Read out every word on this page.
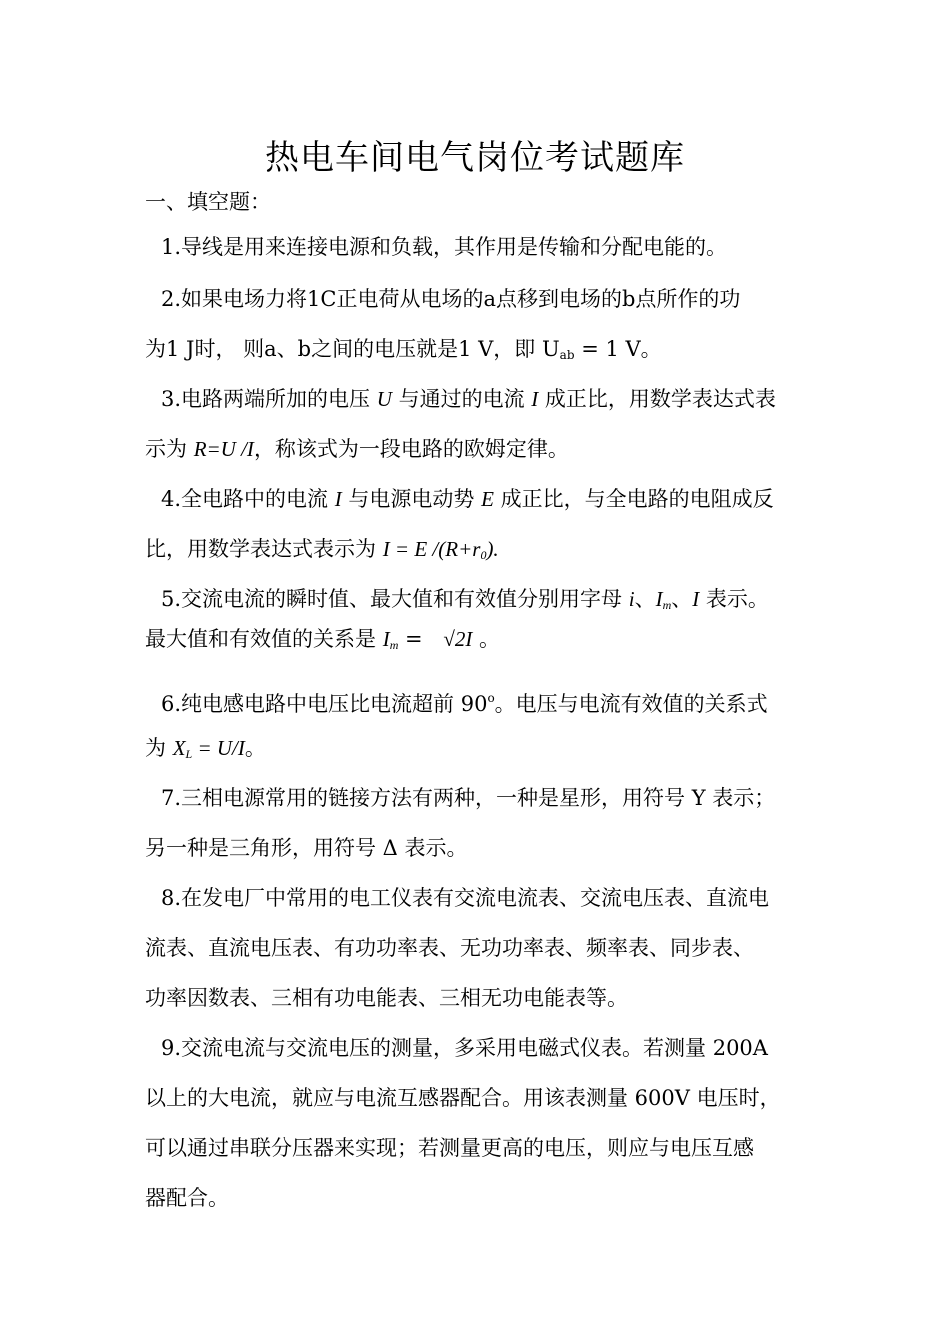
热电车间电气岗位考试题库
一、填空题：
1.导线是用来连接电源和负载，其作用是传输和分配电能的。
2.如果电场力将1C正电荷从电场的a点移到电场的b点所作的功
为1 J时， 则a、b之间的电压就是1 V，即 $U_{ab} = 1$ V。
3.电路两端所加的电压 U 与通过的电流 I 成正比，用数学表达式表
示为 R=U /I，称该式为一段电路的欧姆定律。
4.全电路中的电流 I 与电源电动势 E 成正比，与全电路的电阻成反
比，用数学表达式表示为 I = E $/(R+r_0)$.
5.交流电流的瞬时值、最大值和有效值分别用字母 i、$I_m$、I 表示。
最大值和有效值的关系是 $I_m = √2I$ 。
6.纯电感电路中电压比电流超前 90$^o$。电压与电流有效值的关系式
为 $X_L = U/I$。
7.三相电源常用的链接方法有两种，一种是星形，用符号 Y 表示；
另一种是三角形，用符号 Δ 表示。
8.在发电厂中常用的电工仪表有交流电流表、交流电压表、直流电
流表、直流电压表、有功功率表、无功功率表、频率表、同步表、
功率因数表、三相有功电能表、三相无功电能表等。
9.交流电流与交流电压的测量，多采用电磁式仪表。若测量 200A
以上的大电流，就应与电流互感器配合。用该表测量 600V 电压时，
可以通过串联分压器来实现；若测量更高的电压，则应与电压互感
器配合。
